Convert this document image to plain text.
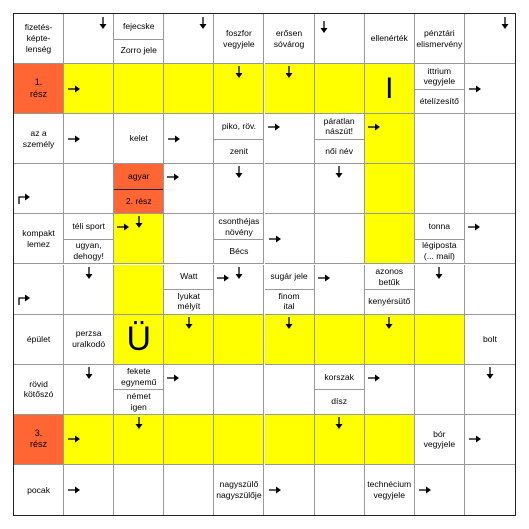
fizetés-
képte-
lenség
fejecske
Zorro jele
foszfor
vegyjele
erősen
sóvárog
ellenérték
pénztári
elismervény
1.
rész	I
ittrium
vegyjele
ételízesítő
az a
személy
kelet
piko, röv.
zenit
páratlan
nászút!
női név
agyar
2. rész
kompakt
lemez
téli sport
ugyan,
dehogy!
csonthéjas
növény
Bécs
tonna
légiposta
(... mail)
Watt
lyukat
mélyít
sugár jele
finom
ital
azonos
betűk
kenyérsütő
épület
perzsa
uralkodó Ü	bolt
rövid
kötőszó
fekete
egynemű
német
igen
korszak
dísz
3.
rész
bór
vegyjele
pocak
nagyszülő
nagyszülője
technécium
vegyjele
